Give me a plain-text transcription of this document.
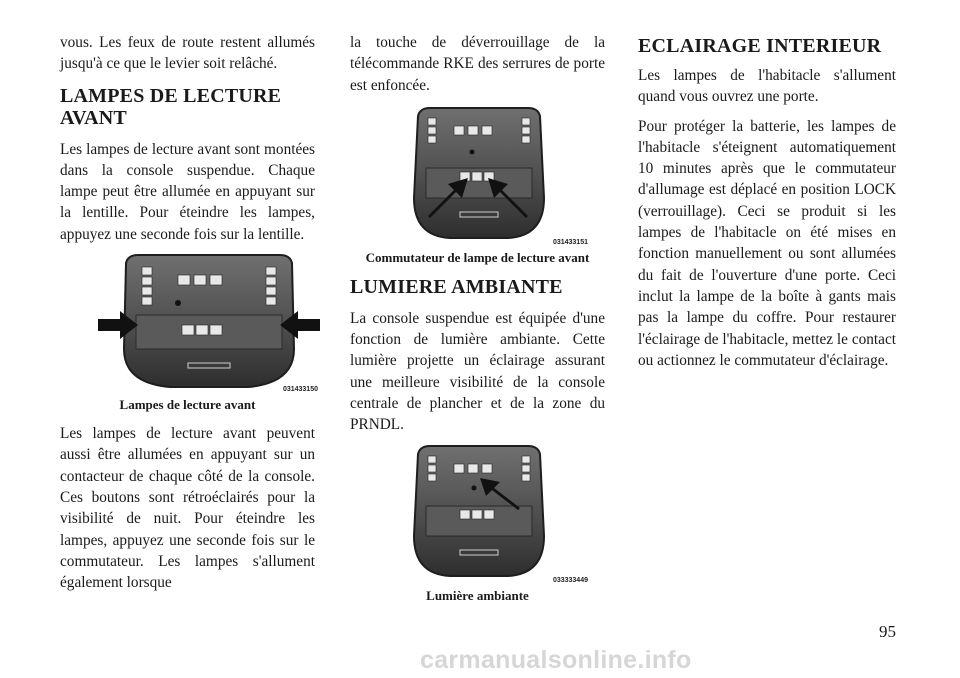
vous. Les feux de route restent allumés jusqu'à ce que le levier soit relâché.

LAMPES DE LECTURE AVANT

Les lampes de lecture avant sont montées dans la console suspendue. Chaque lampe peut être allumée en appuyant sur la lentille. Pour éteindre les lampes, appuyez une seconde fois sur la lentille.

031433150
Lampes de lecture avant

Les lampes de lecture avant peuvent aussi être allumées en appuyant sur un contacteur de chaque côté de la console. Ces boutons sont rétroéclairés pour la visibilité de nuit. Pour éteindre les lampes, appuyez une seconde fois sur le commutateur. Les lampes s'allument également lorsque

la touche de déverrouillage de la télécommande RKE des serrures de porte est enfoncée.

031433151
Commutateur de lampe de lecture avant
LUMIERE AMBIANTE

La console suspendue est équipée d'une fonction de lumière ambiante. Cette lumière projette un éclairage assurant une meilleure visibilité de la console centrale de plancher et de la zone du PRNDL.

033333449
Lumière ambiante
ECLAIRAGE INTERIEUR

Les lampes de l'habitacle s'allument quand vous ouvrez une porte.

Pour protéger la batterie, les lampes de l'habitacle s'éteignent automatiquement 10 minutes après que le commutateur d'allumage est déplacé en position LOCK (verrouillage). Ceci se produit si les lampes de l'habitacle on été mises en fonction manuellement ou sont allumées du fait de l'ouverture d'une porte. Ceci inclut la lampe de la boîte à gants mais pas la lampe du coffre. Pour restaurer l'éclairage de l'habitacle, mettez le contact ou actionnez le commutateur d'éclairage.

95
carmanualsonline.info
